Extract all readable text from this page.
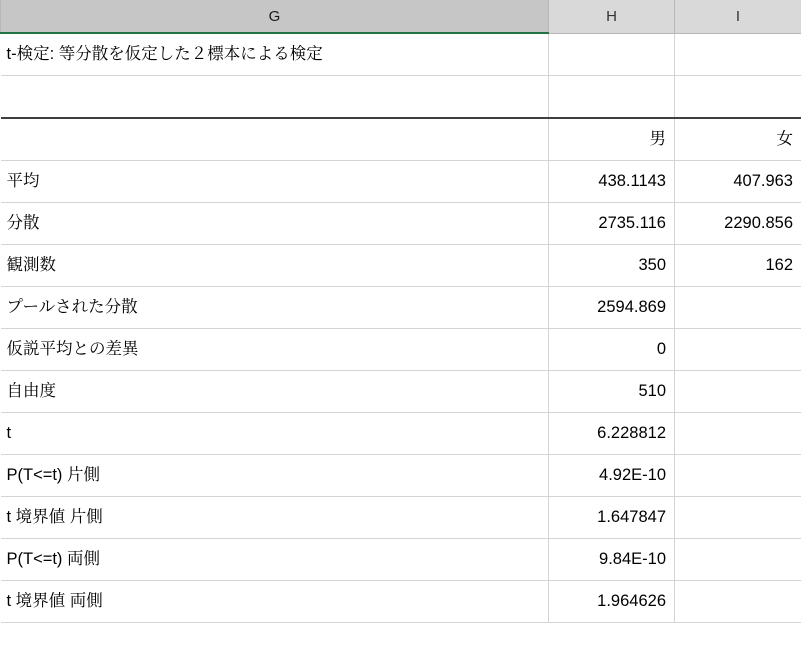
G	H	I
t-検定: 等分散を仮定した２標本による検定		

	男	女
平均	438.1143	407.963
分散	2735.116	2290.856
観測数	350	162
プールされた分散	2594.869	
仮説平均との差異	0	
自由度	510	
t	6.228812	
P(T<=t) 片側	4.92E-10	
t 境界値 片側	1.647847	
P(T<=t) 両側	9.84E-10	
t 境界値 両側	1.964626	
